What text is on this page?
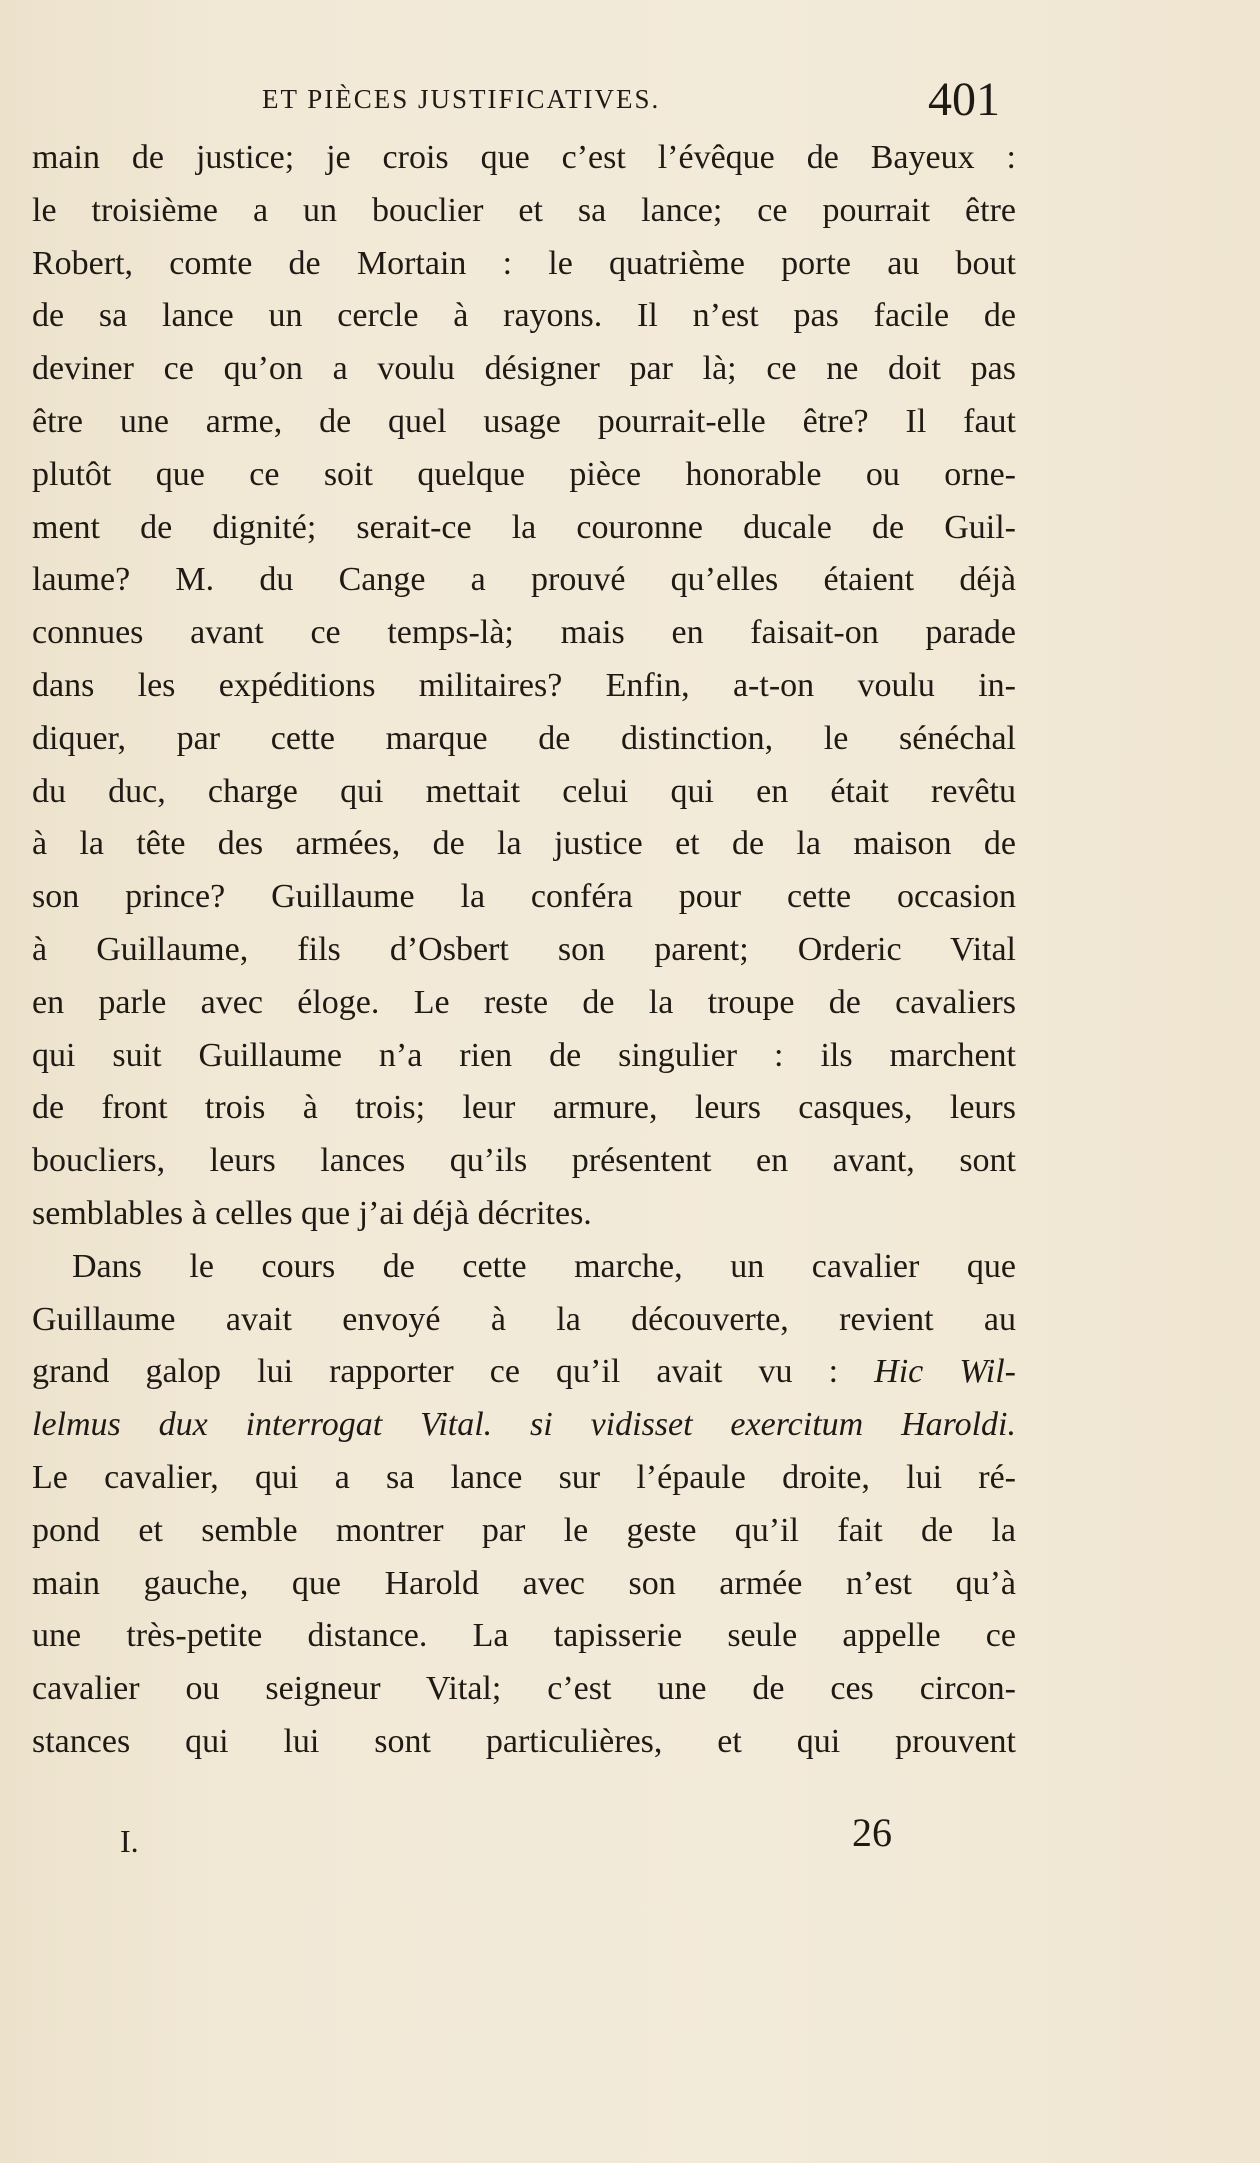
ET PIÈCES JUSTIFICATIVES.	401
main de justice; je crois que c’est l’évêque de Bayeux :
le troisième a un bouclier et sa lance; ce pourrait être
Robert, comte de Mortain : le quatrième porte au bout
de sa lance un cercle à rayons. Il n’est pas facile de
deviner ce qu’on a voulu désigner par là; ce ne doit pas
être une arme, de quel usage pourrait-elle être? Il faut
plutôt que ce soit quelque pièce honorable ou orne-
ment de dignité; serait-ce la couronne ducale de Guil-
laume? M. du Cange a prouvé qu’elles étaient déjà
connues avant ce temps-là; mais en faisait-on parade
dans les expéditions militaires? Enfin, a-t-on voulu in-
diquer, par cette marque de distinction, le sénéchal
du duc, charge qui mettait celui qui en était revêtu
à la tête des armées, de la justice et de la maison de
son prince? Guillaume la conféra pour cette occasion
à Guillaume, fils d’Osbert son parent; Orderic Vital
en parle avec éloge. Le reste de la troupe de cavaliers
qui suit Guillaume n’a rien de singulier : ils marchent
de front trois à trois; leur armure, leurs casques, leurs
boucliers, leurs lances qu’ils présentent en avant, sont
semblables à celles que j’ai déjà décrites.
Dans le cours de cette marche, un cavalier que
Guillaume avait envoyé à la découverte, revient au
grand galop lui rapporter ce qu’il avait vu : Hic Wil-
lelmus dux interrogat Vital. si vidisset exercitum Haroldi.
Le cavalier, qui a sa lance sur l’épaule droite, lui ré-
pond et semble montrer par le geste qu’il fait de la
main gauche, que Harold avec son armée n’est qu’à
une très-petite distance. La tapisserie seule appelle ce
cavalier ou seigneur Vital; c’est une de ces circon-
stances qui lui sont particulières, et qui prouvent
I.	26
